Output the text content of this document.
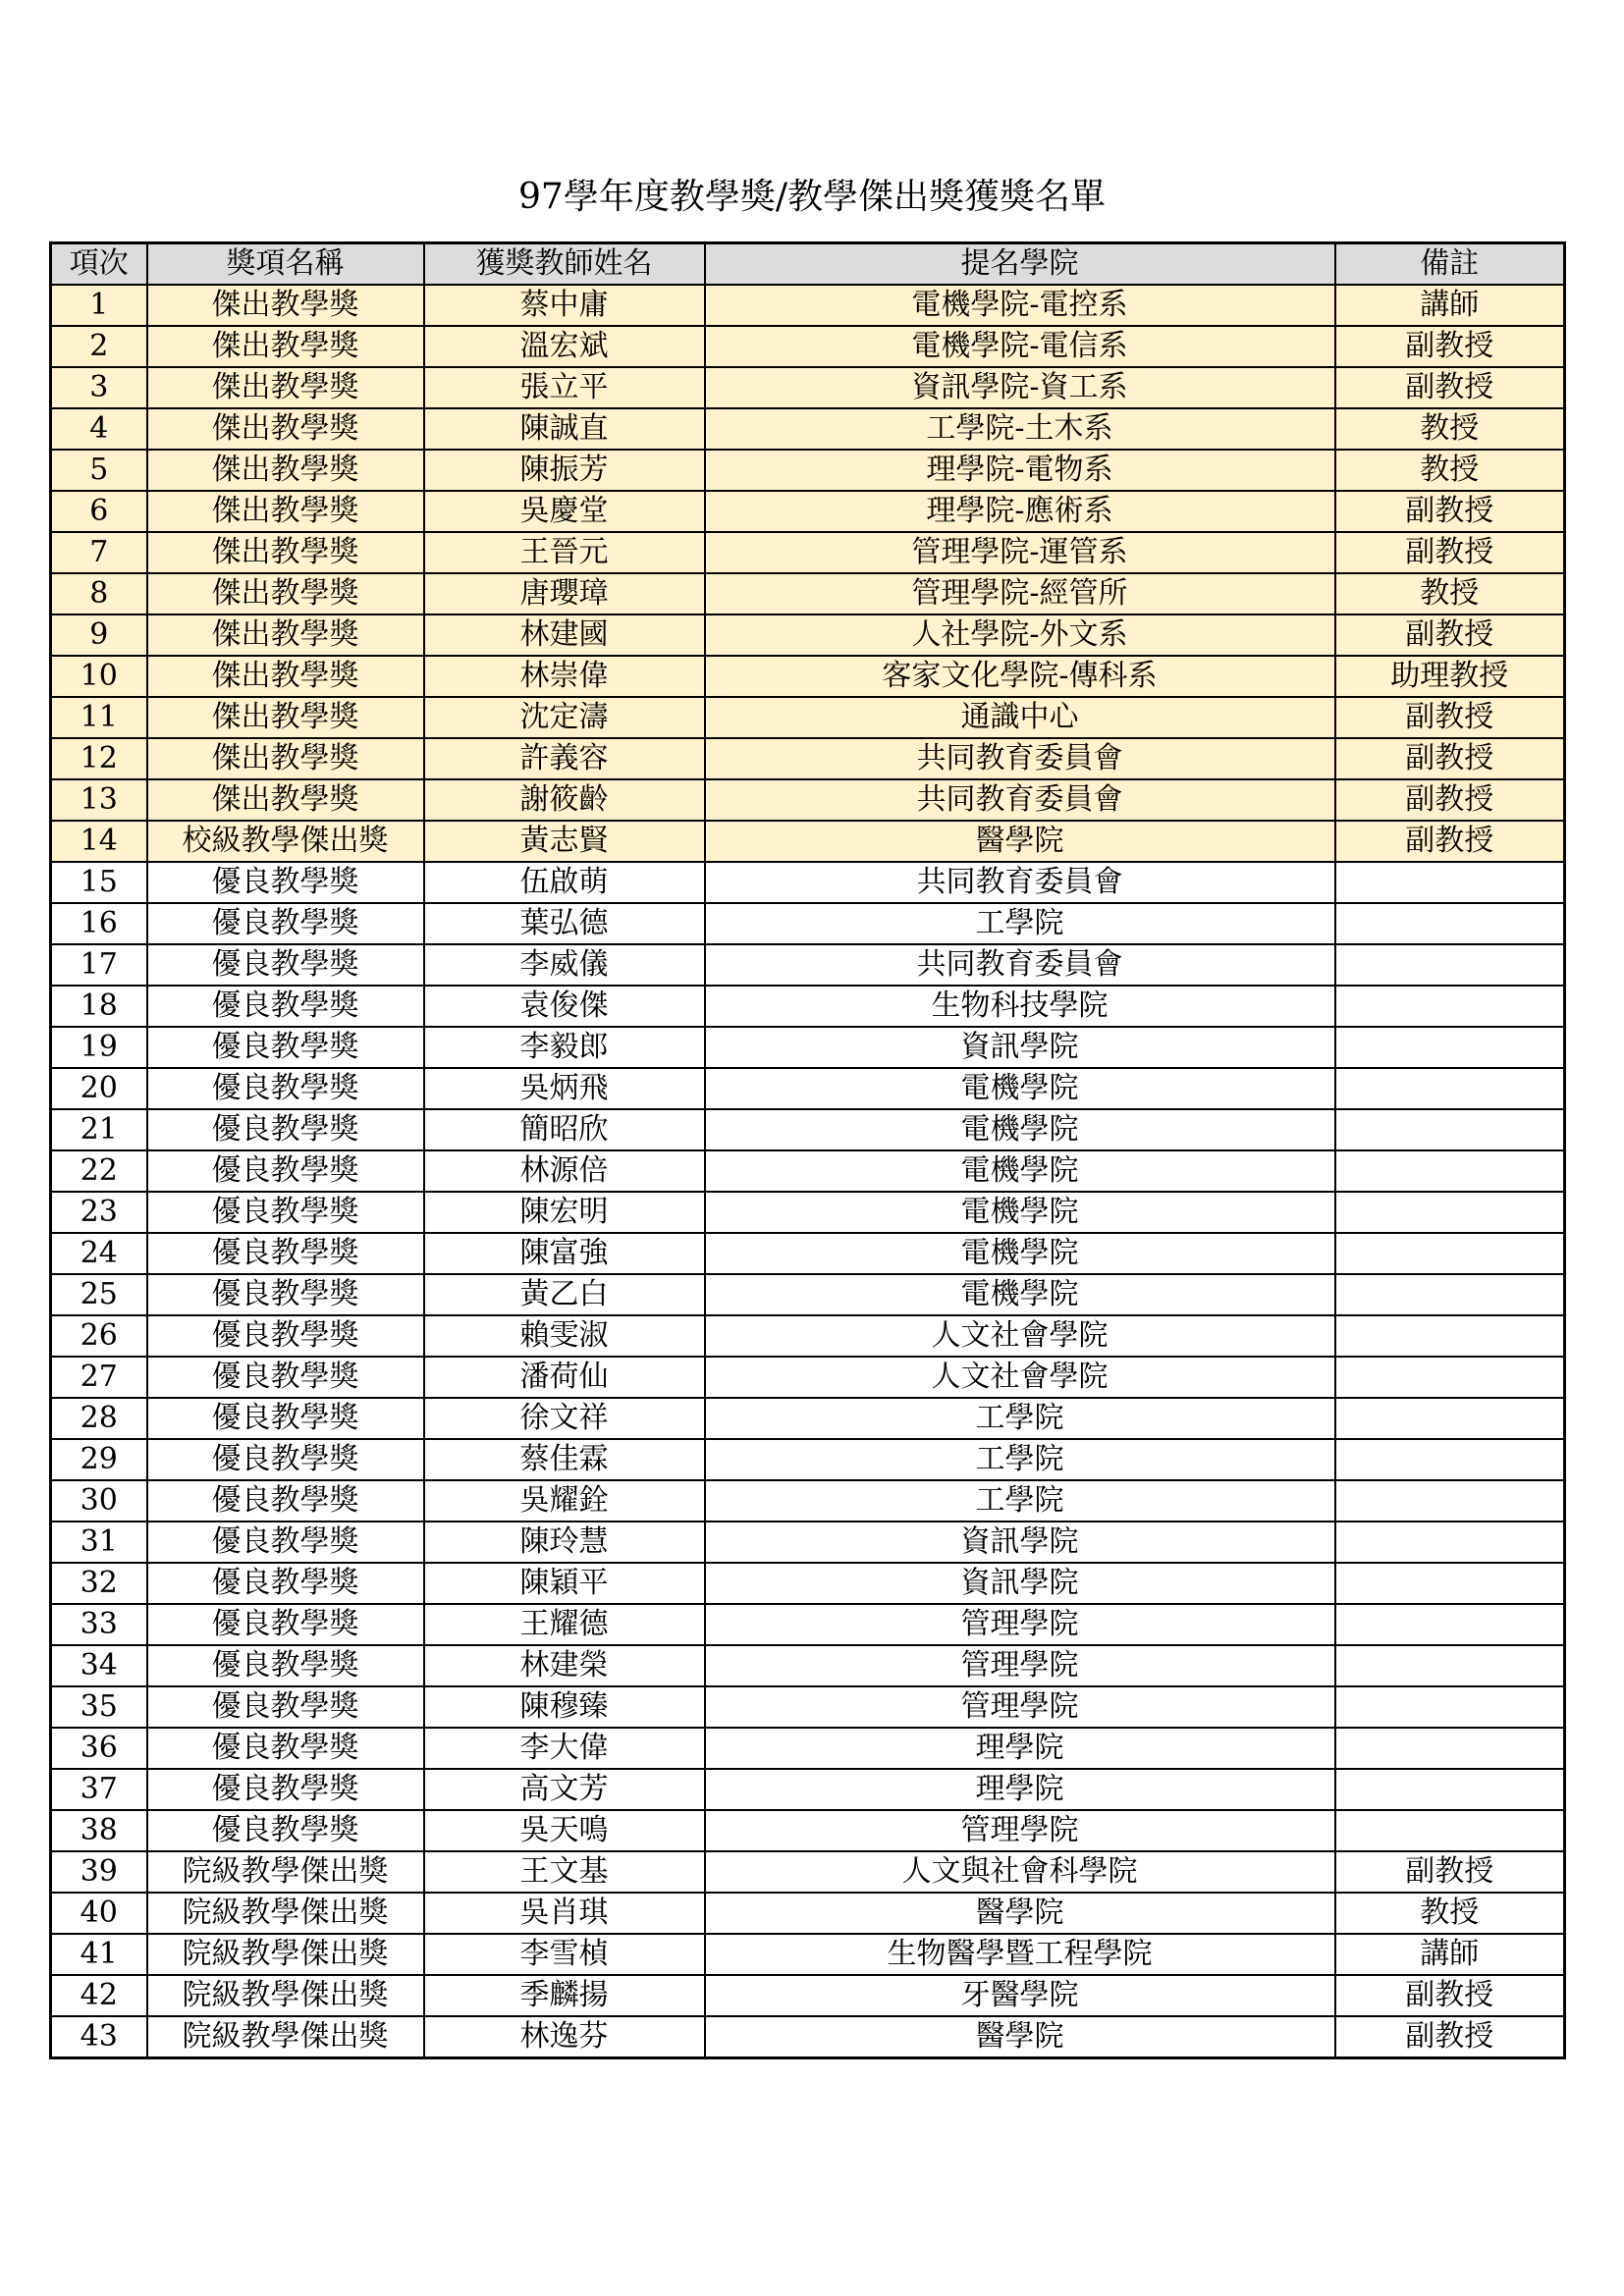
97學年度教學獎/教學傑出獎獲獎名單
項次	獎項名稱	獲獎教師姓名	提名學院	備註
1	傑出教學獎	蔡中庸	電機學院-電控系	講師
2	傑出教學獎	溫宏斌	電機學院-電信系	副教授
3	傑出教學獎	張立平	資訊學院-資工系	副教授
4	傑出教學獎	陳誠直	工學院-土木系	教授
5	傑出教學獎	陳振芳	理學院-電物系	教授
6	傑出教學獎	吳慶堂	理學院-應術系	副教授
7	傑出教學獎	王晉元	管理學院-運管系	副教授
8	傑出教學獎	唐瓔璋	管理學院-經管所	教授
9	傑出教學獎	林建國	人社學院-外文系	副教授
10	傑出教學獎	林崇偉	客家文化學院-傳科系	助理教授
11	傑出教學獎	沈定濤	通識中心	副教授
12	傑出教學獎	許義容	共同教育委員會	副教授
13	傑出教學獎	謝筱齡	共同教育委員會	副教授
14	校級教學傑出獎	黃志賢	醫學院	副教授
15	優良教學獎	伍啟萌	共同教育委員會	
16	優良教學獎	葉弘德	工學院	
17	優良教學獎	李威儀	共同教育委員會	
18	優良教學獎	袁俊傑	生物科技學院	
19	優良教學獎	李毅郎	資訊學院	
20	優良教學獎	吳炳飛	電機學院	
21	優良教學獎	簡昭欣	電機學院	
22	優良教學獎	林源倍	電機學院	
23	優良教學獎	陳宏明	電機學院	
24	優良教學獎	陳富強	電機學院	
25	優良教學獎	黃乙白	電機學院	
26	優良教學獎	賴雯淑	人文社會學院	
27	優良教學獎	潘荷仙	人文社會學院	
28	優良教學獎	徐文祥	工學院	
29	優良教學獎	蔡佳霖	工學院	
30	優良教學獎	吳耀銓	工學院	
31	優良教學獎	陳玲慧	資訊學院	
32	優良教學獎	陳穎平	資訊學院	
33	優良教學獎	王耀德	管理學院	
34	優良教學獎	林建榮	管理學院	
35	優良教學獎	陳穆臻	管理學院	
36	優良教學獎	李大偉	理學院	
37	優良教學獎	高文芳	理學院	
38	優良教學獎	吳天鳴	管理學院	
39	院級教學傑出獎	王文基	人文與社會科學院	副教授
40	院級教學傑出獎	吳肖琪	醫學院	教授
41	院級教學傑出獎	李雪楨	生物醫學暨工程學院	講師
42	院級教學傑出獎	季麟揚	牙醫學院	副教授
43	院級教學傑出獎	林逸芬	醫學院	副教授
